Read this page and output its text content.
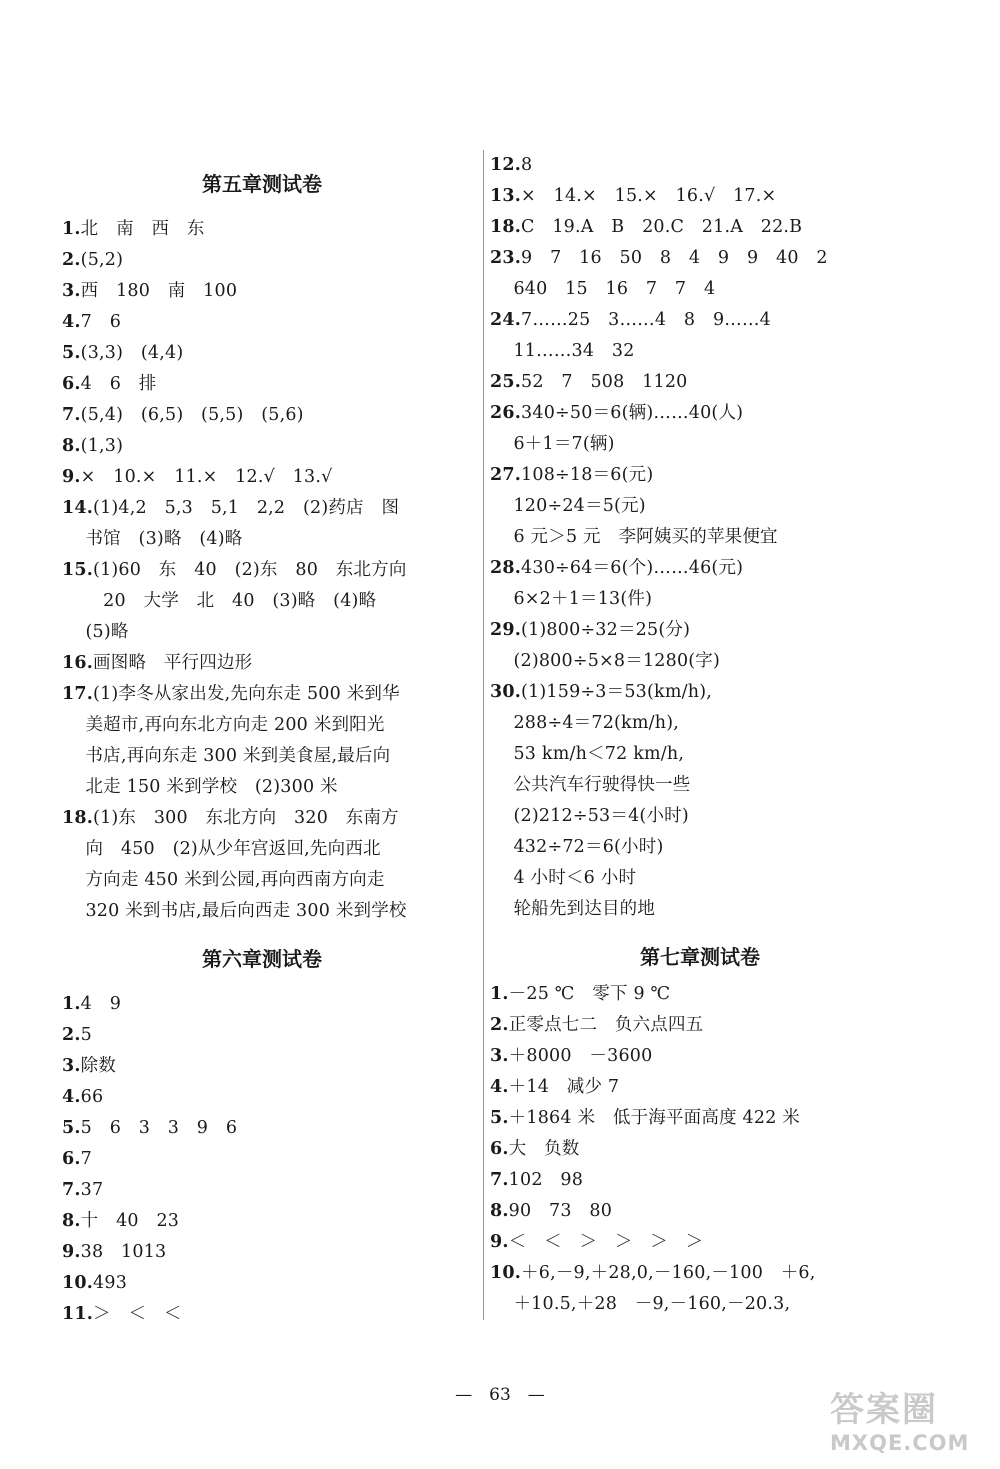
第五章测试卷
1.北　南　西　东
2.(5,2)
3.西　180　南　100
4.7　6
5.(3,3)　(4,4)
6.4　6　排
7.(5,4)　(6,5)　(5,5)　(5,6)
8.(1,3)
9.×　10.×　11.×　12.√　13.√
14.(1)4,2　5,3　5,1　2,2　(2)药店　图
　 书馆　(3)略　(4)略
15.(1)60　东　40　(2)东　80　东北方向
　　 20　大学　北　40　(3)略　(4)略
　 (5)略
16.画图略　平行四边形
17.(1)李冬从家出发,先向东走 500 米到华
　 美超市,再向东北方向走 200 米到阳光
　 书店,再向东走 300 米到美食屋,最后向
　 北走 150 米到学校　(2)300 米
18.(1)东　300　东北方向　320　东南方
　 向　450　(2)从少年宫返回,先向西北
　 方向走 450 米到公园,再向西南方向走
　 320 米到书店,最后向西走 300 米到学校
第六章测试卷
1.4　9
2.5
3.除数
4.66
5.5　6　3　3　9　6
6.7
7.37
8.十　40　23
9.38　1013
10.493
11.＞　＜　＜
12.8
13.×　14.×　15.×　16.√　17.×
18.C　19.A　B　20.C　21.A　22.B
23.9　7　16　50　8　4　9　9　40　2
　 640　15　16　7　7　4
24.7……25　3……4　8　9……4
　 11……34　32
25.52　7　508　1120
26.340÷50＝6(辆)……40(人)
　 6＋1＝7(辆)
27.108÷18＝6(元)
　 120÷24＝5(元)
　 6 元＞5 元　李阿姨买的苹果便宜
28.430÷64＝6(个)……46(元)
　 6×2＋1＝13(件)
29.(1)800÷32＝25(分)
　 (2)800÷5×8＝1280(字)
30.(1)159÷3＝53(km/h),
　 288÷4＝72(km/h),
　 53 km/h＜72 km/h,
　 公共汽车行驶得快一些
　 (2)212÷53＝4(小时)
　 432÷72＝6(小时)
　 4 小时＜6 小时
　 轮船先到达目的地
第七章测试卷
1.－25 ℃　零下 9 ℃
2.正零点七二　负六点四五
3.＋8000　－3600
4.＋14　减少 7
5.＋1864 米　低于海平面高度 422 米
6.大　负数
7.102　98
8.90　73　80
9.＜　＜　＞　＞　＞　＞
10.＋6,－9,＋28,0,－160,－100　＋6,
　 ＋10.5,＋28　－9,－160,－20.3,
—　63　—	答案圈
MXQE.COM
